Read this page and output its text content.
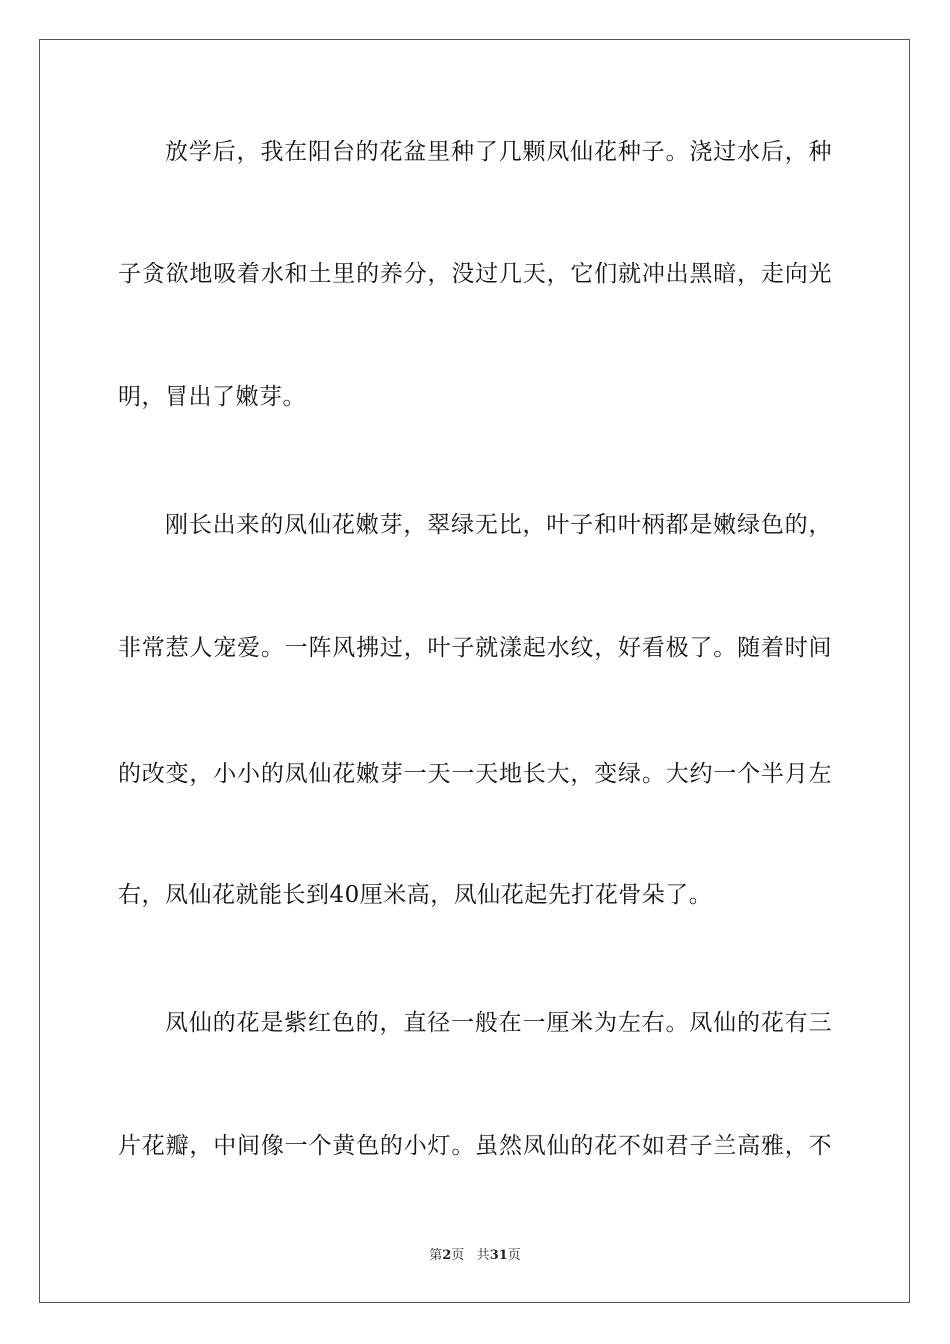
放学后，我在阳台的花盆里种了几颗凤仙花种子。浇过水后，种
子贪欲地吸着水和土里的养分，没过几天，它们就冲出黑暗，走向光
明，冒出了嫩芽。
刚长出来的凤仙花嫩芽，翠绿无比，叶子和叶柄都是嫩绿色的，
非常惹人宠爱。一阵风拂过，叶子就漾起水纹，好看极了。随着时间
的改变，小小的凤仙花嫩芽一天一天地长大，变绿。大约一个半月左
右，凤仙花就能长到40厘米高，凤仙花起先打花骨朵了。
凤仙的花是紫红色的，直径一般在一厘米为左右。凤仙的花有三
片花瓣，中间像一个黄色的小灯。虽然凤仙的花不如君子兰高雅，不
第2页 共31页
